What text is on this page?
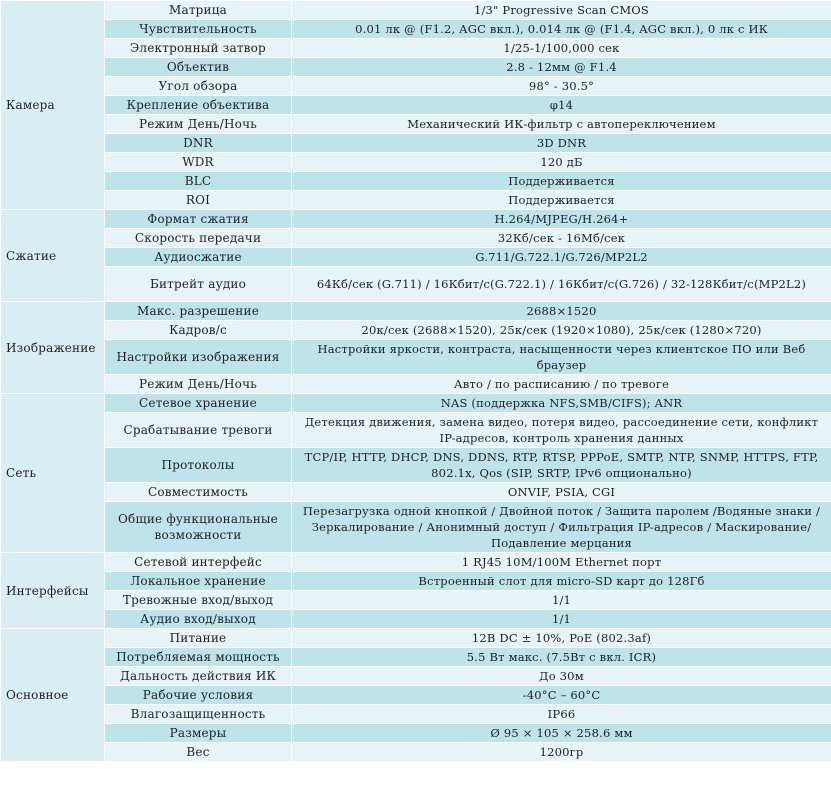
Камера	Матрица	1/3" Progressive Scan CMOS
	Чувствительность	0.01 лк @ (F1.2, AGC вкл.), 0.014 лк @ (F1.4, AGC вкл.), 0 лк с ИК
	Электронный затвор	1/25-1/100,000 сек
	Объектив	2.8 - 12мм @ F1.4
	Угол обзора	98° - 30.5°
	Крепление объектива	φ14
	Режим День/Ночь	Механический ИК-фильтр с автопереключением
	DNR	3D DNR
	WDR	120 дБ
	BLC	Поддерживается
	ROI	Поддерживается
Сжатие	Формат сжатия	H.264/MJPEG/H.264+
	Скорость передачи	32Кб/сек - 16Мб/сек
	Аудиосжатие	G.711/G.722.1/G.726/MP2L2
	Битрейт аудио	64Кб/сек (G.711) / 16Кбит/с(G.722.1) / 16Кбит/с(G.726) / 32-128Кбит/с(MP2L2)
Изображение	Макс. разрешение	2688×1520
	Кадров/с	20к/сек (2688×1520), 25к/сек (1920×1080), 25к/сек (1280×720)
	Настройки изображения	Настройки яркости, контраста, насыщенности через клиентское ПО или Веб браузер
	Режим День/Ночь	Авто / по расписанию / по тревоге
Сеть	Сетевое хранение	NAS (поддержка NFS,SMB/CIFS); ANR
	Срабатывание тревоги	Детекция движения, замена видео, потеря видео, рассоединение сети, конфликт IP-адресов, контроль хранения данных
	Протоколы	TCP/IP, HTTP, DHCP, DNS, DDNS, RTP, RTSP, PPPoE, SMTP, NTP, SNMP, HTTPS, FTP, 802.1x, Qos (SIP, SRTP, IPv6 опционально)
	Совместимость	ONVIF, PSIA, CGI
	Общие функциональные возможности	Перезагрузка одной кнопкой / Двойной поток / Защита паролем /Водяные знаки /Зеркалирование / Анонимный доступ / Фильтрация IP-адресов / Маскирование/ Подавление мерцания
Интерфейсы	Сетевой интерфейс	1 RJ45 10M/100M Ethernet порт
	Локальное хранение	Встроенный слот для micro-SD карт до 128Гб
	Тревожные вход/выход	1/1
	Аудио вход/выход	1/1
Основное	Питание	12В DC ± 10%, PoE (802.3af)
	Потребляемая мощность	5.5 Вт макс. (7.5Вт с вкл. ICR)
	Дальность действия ИК	До 30м
	Рабочие условия	-40°C – 60°C
	Влагозащищенность	IP66
	Размеры	Ø 95 × 105 × 258.6 мм
	Вес	1200гр
